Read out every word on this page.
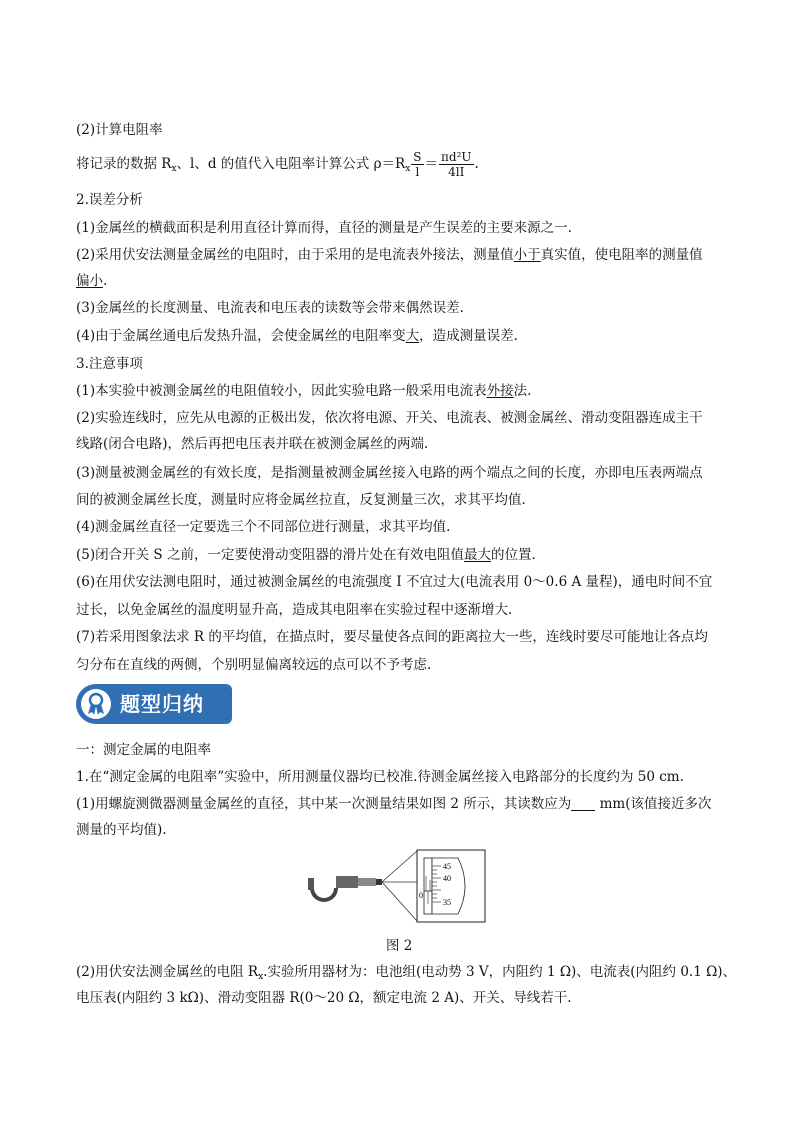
(2)计算电阻率
将记录的数据 $R_x$、l、d 的值代入电阻率计算公式 $\rho=R_x \frac{S}{l} = \frac{\text{πd²U}}{4lI}$ .
2.误差分析
(1)金属丝的横截面积是利用直径计算而得，直径的测量是产生误差的主要来源之一.
(2)采用伏安法测量金属丝的电阻时，由于采用的是电流表外接法，测量值小于真实值，使电阻率的测量值
偏小.
(3)金属丝的长度测量、电流表和电压表的读数等会带来偶然误差.
(4)由于金属丝通电后发热升温，会使金属丝的电阻率变大，造成测量误差.
3.注意事项
(1)本实验中被测金属丝的电阻值较小，因此实验电路一般采用电流表外接法.
(2)实验连线时，应先从电源的正极出发，依次将电源、开关、电流表、被测金属丝、滑动变阻器连成主干
线路(闭合电路)，然后再把电压表并联在被测金属丝的两端.
(3)测量被测金属丝的有效长度，是指测量被测金属丝接入电路的两个端点之间的长度，亦即电压表两端点
间的被测金属丝长度，测量时应将金属丝拉直，反复测量三次，求其平均值.
(4)测金属丝直径一定要选三个不同部位进行测量，求其平均值.
(5)闭合开关 S 之前，一定要使滑动变阻器的滑片处在有效电阻值最大的位置.
(6)在用伏安法测电阻时，通过被测金属丝的电流强度 I 不宜过大(电流表用 0～0.6 A 量程)，通电时间不宜
过长，以免金属丝的温度明显升高，造成其电阻率在实验过程中逐渐增大.
(7)若采用图象法求 R 的平均值，在描点时，要尽量使各点间的距离拉大一些，连线时要尽可能地让各点均
匀分布在直线的两侧，个别明显偏离较远的点可以不予考虑.
题型归纳
一：测定金属的电阻率
1.在“测定金属的电阻率”实验中，所用测量仪器均已校准.待测金属丝接入电路部分的长度约为 50 cm.
(1)用螺旋测微器测量金属丝的直径，其中某一次测量结果如图 2 所示，其读数应为 mm(该值接近多次
测量的平均值).
45
40
35
0
图 2
(2)用伏安法测金属丝的电阻 $R_x$.实验所用器材为：电池组(电动势 3 V，内阻约 1 Ω)、电流表(内阻约 0.1 Ω)、
电压表(内阻约 3 kΩ)、滑动变阻器 R(0～20 Ω，额定电流 2 A)、开关、导线若干.
